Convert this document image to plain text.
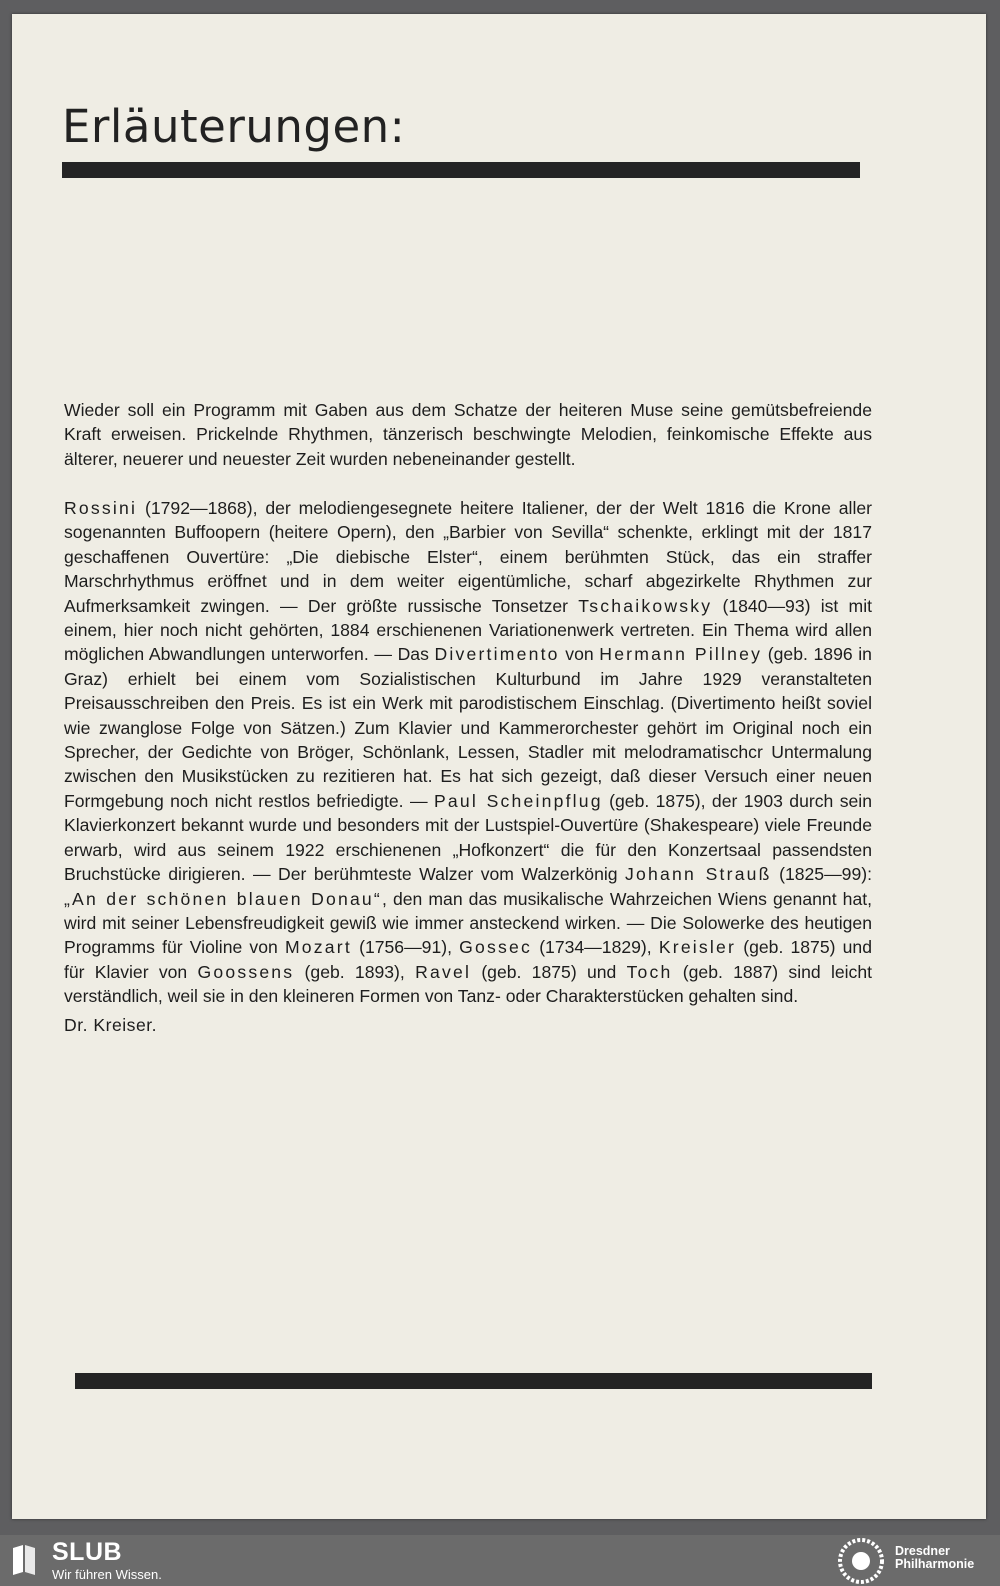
Erläuterungen:

Wieder soll ein Programm mit Gaben aus dem Schatze der heiteren Muse seine gemütsbefreiende Kraft erweisen. Prickelnde Rhythmen, tänzerisch beschwingte Melodien, feinkomische Effekte aus älterer, neuerer und neuester Zeit wurden nebeneinander gestellt.

Rossini (1792—1868), der melodiengesegnete heitere Italiener, der der Welt 1816 die Krone aller sogenannten Buffoopern (heitere Opern), den „Barbier von Sevilla“ schenkte, erklingt mit der 1817 geschaffenen Ouvertüre: „Die diebische Elster“, einem berühmten Stück, das ein straffer Marschrhythmus eröffnet und in dem weiter eigentümliche, scharf abgezirkelte Rhythmen zur Aufmerksamkeit zwingen. — Der größte russische Tonsetzer Tschaikowsky (1840—93) ist mit einem, hier noch nicht gehörten, 1884 erschienenen Variationenwerk vertreten. Ein Thema wird allen möglichen Abwandlungen unterworfen. — Das Divertimento von Hermann Pillney (geb. 1896 in Graz) erhielt bei einem vom Sozialistischen Kulturbund im Jahre 1929 veranstalteten Preisausschreiben den Preis. Es ist ein Werk mit parodistischem Einschlag. (Divertimento heißt soviel wie zwanglose Folge von Sätzen.) Zum Klavier und Kammerorchester gehört im Original noch ein Sprecher, der Gedichte von Bröger, Schönlank, Lessen, Stadler mit melodramatischcr Untermalung zwischen den Musikstücken zu rezitieren hat. Es hat sich gezeigt, daß dieser Versuch einer neuen Formgebung noch nicht restlos befriedigte. — Paul Scheinpflug (geb. 1875), der 1903 durch sein Klavierkonzert bekannt wurde und besonders mit der Lustspiel-Ouvertüre (Shakespeare) viele Freunde erwarb, wird aus seinem 1922 erschienenen „Hofkonzert“ die für den Konzertsaal passendsten Bruchstücke dirigieren. — Der berühmteste Walzer vom Walzerkönig Johann Strauß (1825—99): „An der schönen blauen Donau“, den man das musikalische Wahrzeichen Wiens genannt hat, wird mit seiner Lebensfreudigkeit gewiß wie immer ansteckend wirken. — Die Solowerke des heutigen Programms für Violine von Mozart (1756—91), Gossec (1734—1829), Kreisler (geb. 1875) und für Klavier von Goossens (geb. 1893), Ravel (geb. 1875) und Toch (geb. 1887) sind leicht verständlich, weil sie in den kleineren Formen von Tanz- oder Charakterstücken gehalten sind.

Dr. Kreiser.

SLUB
Wir führen Wissen.
Dresdner
Philharmonie
